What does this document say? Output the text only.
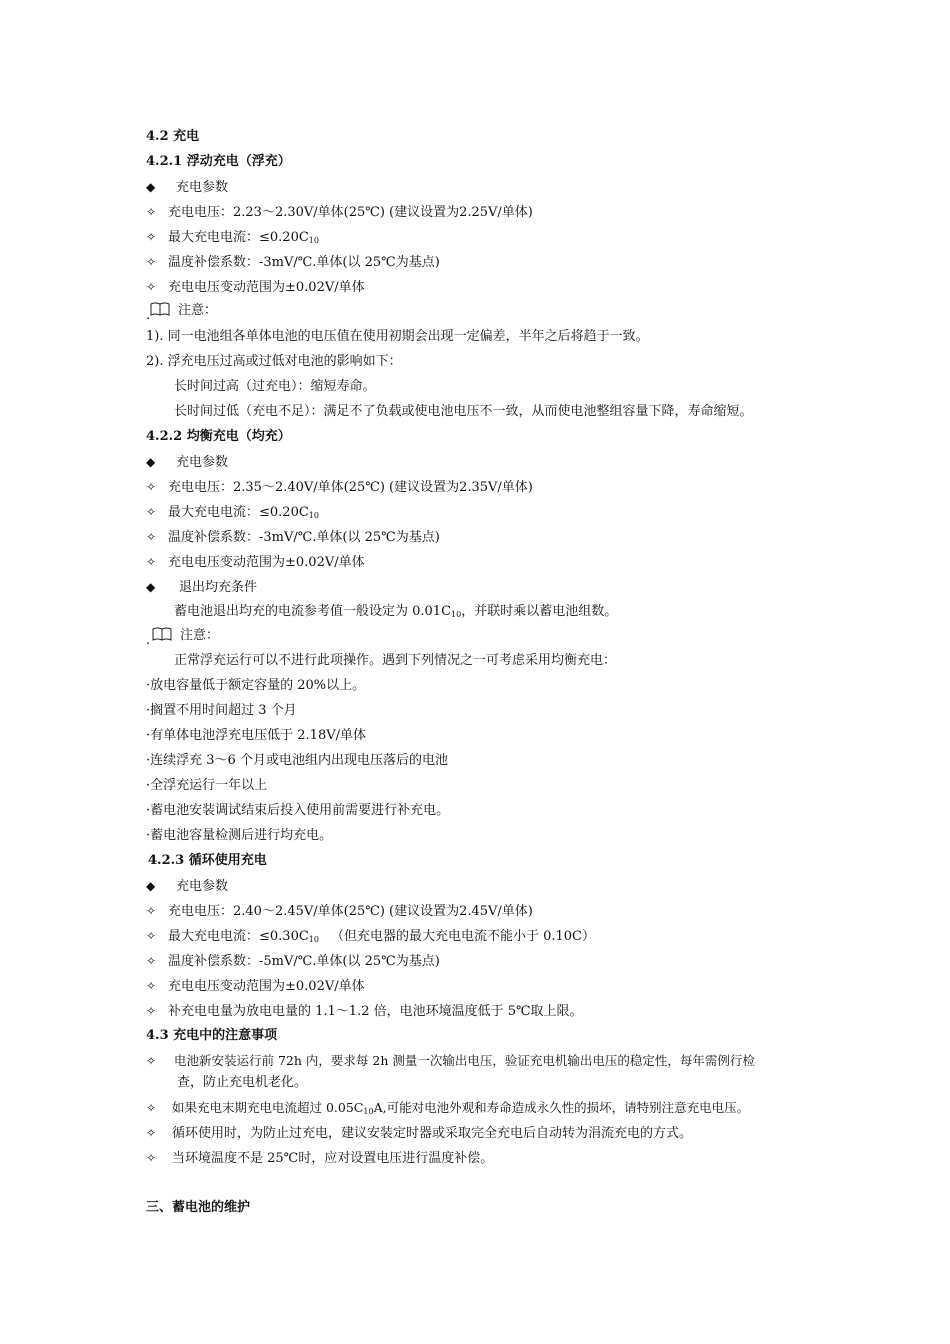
4.2 充电
4.2.1 浮动充电（浮充）
◆ 充电参数
✧ 充电电压：2.23～2.30V/单体(25℃) (建议设置为2.25V/单体)
✧ 最大充电电流：$\le 0.20C_{10}$
✧ 温度补偿系数：-3mV/℃.单体(以 25℃为基点)
✧ 充电电压变动范围为±0.02V/单体
.	注意：
1). 同一电池组各单体电池的电压值在使用初期会出现一定偏差，半年之后将趋于一致。
2). 浮充电压过高或过低对电池的影响如下：
长时间过高（过充电）：缩短寿命。
长时间过低（充电不足）：满足不了负载或使电池电压不一致，从而使电池整组容量下降，寿命缩短。
4.2.2 均衡充电（均充）
◆ 充电参数
✧ 充电电压：2.35～2.40V/单体(25℃) (建议设置为2.35V/单体)
✧ 最大充电电流：$\le 0.20C_{10}$
✧ 温度补偿系数：-3mV/℃.单体(以 25℃为基点)
✧ 充电电压变动范围为±0.02V/单体
◆ 退出均充条件
蓄电池退出均充的电流参考值一般设定为 $0.01C_{10}$，并联时乘以蓄电池组数。
.	注意：
正常浮充运行可以不进行此项操作。遇到下列情况之一可考虑采用均衡充电：
·放电容量低于额定容量的 20%以上。
·搁置不用时间超过 3 个月
·有单体电池浮充电压低于 2.18V/单体
·连续浮充 3～6 个月或电池组内出现电压落后的电池
·全浮充运行一年以上
·蓄电池安装调试结束后投入使用前需要进行补充电。
·蓄电池容量检测后进行均充电。
4.2.3 循环使用充电
◆ 充电参数
✧ 充电电压：2.40～2.45V/单体(25℃) (建议设置为2.45V/单体)
✧ 最大充电电流：$\le 0.30C_{10}$ （但充电器的最大充电电流不能小于 0.10C）
✧ 温度补偿系数：-5mV/℃.单体(以 25℃为基点)
✧ 充电电压变动范围为±0.02V/单体
✧ 补充电电量为放电电量的 1.1～1.2 倍，电池环境温度低于 5℃取上限。
4.3 充电中的注意事项
✧ 电池新安装运行前 72h 内，要求每 2h 测量一次输出电压，验证充电机输出电压的稳定性，每年需例行检
查，防止充电机老化。
✧ 如果充电末期充电电流超过 $0.05C_{10}A$,可能对电池外观和寿命造成永久性的损坏，请特别注意充电电压。
✧ 循环使用时，为防止过充电，建议安装定时器或采取完全充电后自动转为涓流充电的方式。
✧ 当环境温度不是 25℃时，应对设置电压进行温度补偿。
三、蓄电池的维护
